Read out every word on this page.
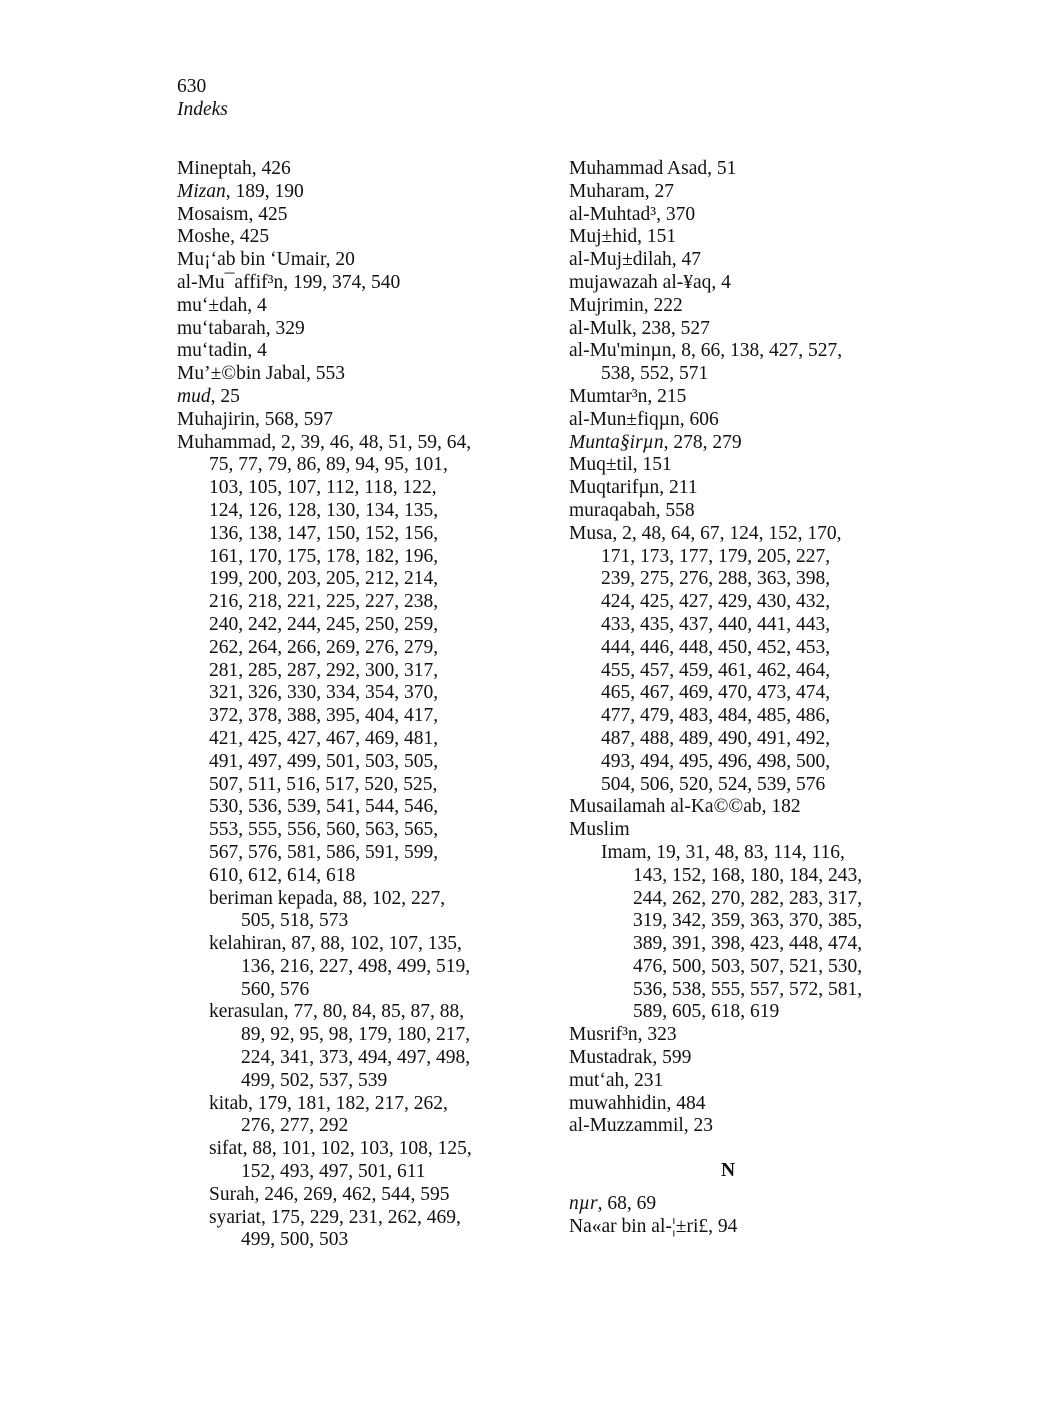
630
Indeks
Mineptah, 426
Mizan, 189, 190
Mosaism, 425
Moshe, 425
Mu¡‘ab bin ‘Umair, 20
al-Mu¯affif³n, 199, 374, 540
mu‘±dah, 4
mu‘tabarah, 329
mu‘tadin, 4
Mu’±©bin Jabal, 553
mud, 25
Muhajirin, 568, 597
Muhammad, 2, 39, 46, 48, 51, 59, 64,
75, 77, 79, 86, 89, 94, 95, 101,
103, 105, 107, 112, 118, 122,
124, 126, 128, 130, 134, 135,
136, 138, 147, 150, 152, 156,
161, 170, 175, 178, 182, 196,
199, 200, 203, 205, 212, 214,
216, 218, 221, 225, 227, 238,
240, 242, 244, 245, 250, 259,
262, 264, 266, 269, 276, 279,
281, 285, 287, 292, 300, 317,
321, 326, 330, 334, 354, 370,
372, 378, 388, 395, 404, 417,
421, 425, 427, 467, 469, 481,
491, 497, 499, 501, 503, 505,
507, 511, 516, 517, 520, 525,
530, 536, 539, 541, 544, 546,
553, 555, 556, 560, 563, 565,
567, 576, 581, 586, 591, 599,
610, 612, 614, 618
beriman kepada, 88, 102, 227,
505, 518, 573
kelahiran, 87, 88, 102, 107, 135,
136, 216, 227, 498, 499, 519,
560, 576
kerasulan, 77, 80, 84, 85, 87, 88,
89, 92, 95, 98, 179, 180, 217,
224, 341, 373, 494, 497, 498,
499, 502, 537, 539
kitab, 179, 181, 182, 217, 262,
276, 277, 292
sifat, 88, 101, 102, 103, 108, 125,
152, 493, 497, 501, 611
Surah, 246, 269, 462, 544, 595
syariat, 175, 229, 231, 262, 469,
499, 500, 503
Muhammad Asad, 51
Muharam, 27
al-Muhtad³, 370
Muj±hid, 151
al-Muj±dilah, 47
mujawazah al-¥aq, 4
Mujrimin, 222
al-Mulk, 238, 527
al-Mu'minµn, 8, 66, 138, 427, 527,
538, 552, 571
Mumtar³n, 215
al-Mun±fiqµn, 606
Munta§irµn, 278, 279
Muq±til, 151
Muqtarifµn, 211
muraqabah, 558
Musa, 2, 48, 64, 67, 124, 152, 170,
171, 173, 177, 179, 205, 227,
239, 275, 276, 288, 363, 398,
424, 425, 427, 429, 430, 432,
433, 435, 437, 440, 441, 443,
444, 446, 448, 450, 452, 453,
455, 457, 459, 461, 462, 464,
465, 467, 469, 470, 473, 474,
477, 479, 483, 484, 485, 486,
487, 488, 489, 490, 491, 492,
493, 494, 495, 496, 498, 500,
504, 506, 520, 524, 539, 576
Musailamah al-Ka©©ab, 182
Muslim
Imam, 19, 31, 48, 83, 114, 116,
143, 152, 168, 180, 184, 243,
244, 262, 270, 282, 283, 317,
319, 342, 359, 363, 370, 385,
389, 391, 398, 423, 448, 474,
476, 500, 503, 507, 521, 530,
536, 538, 555, 557, 572, 581,
589, 605, 618, 619
Musrif³n, 323
Mustadrak, 599
mut‘ah, 231
muwahhidin, 484
al-Muzzammil, 23
N
nµr, 68, 69
Na«ar bin al-¦±ri£, 94
